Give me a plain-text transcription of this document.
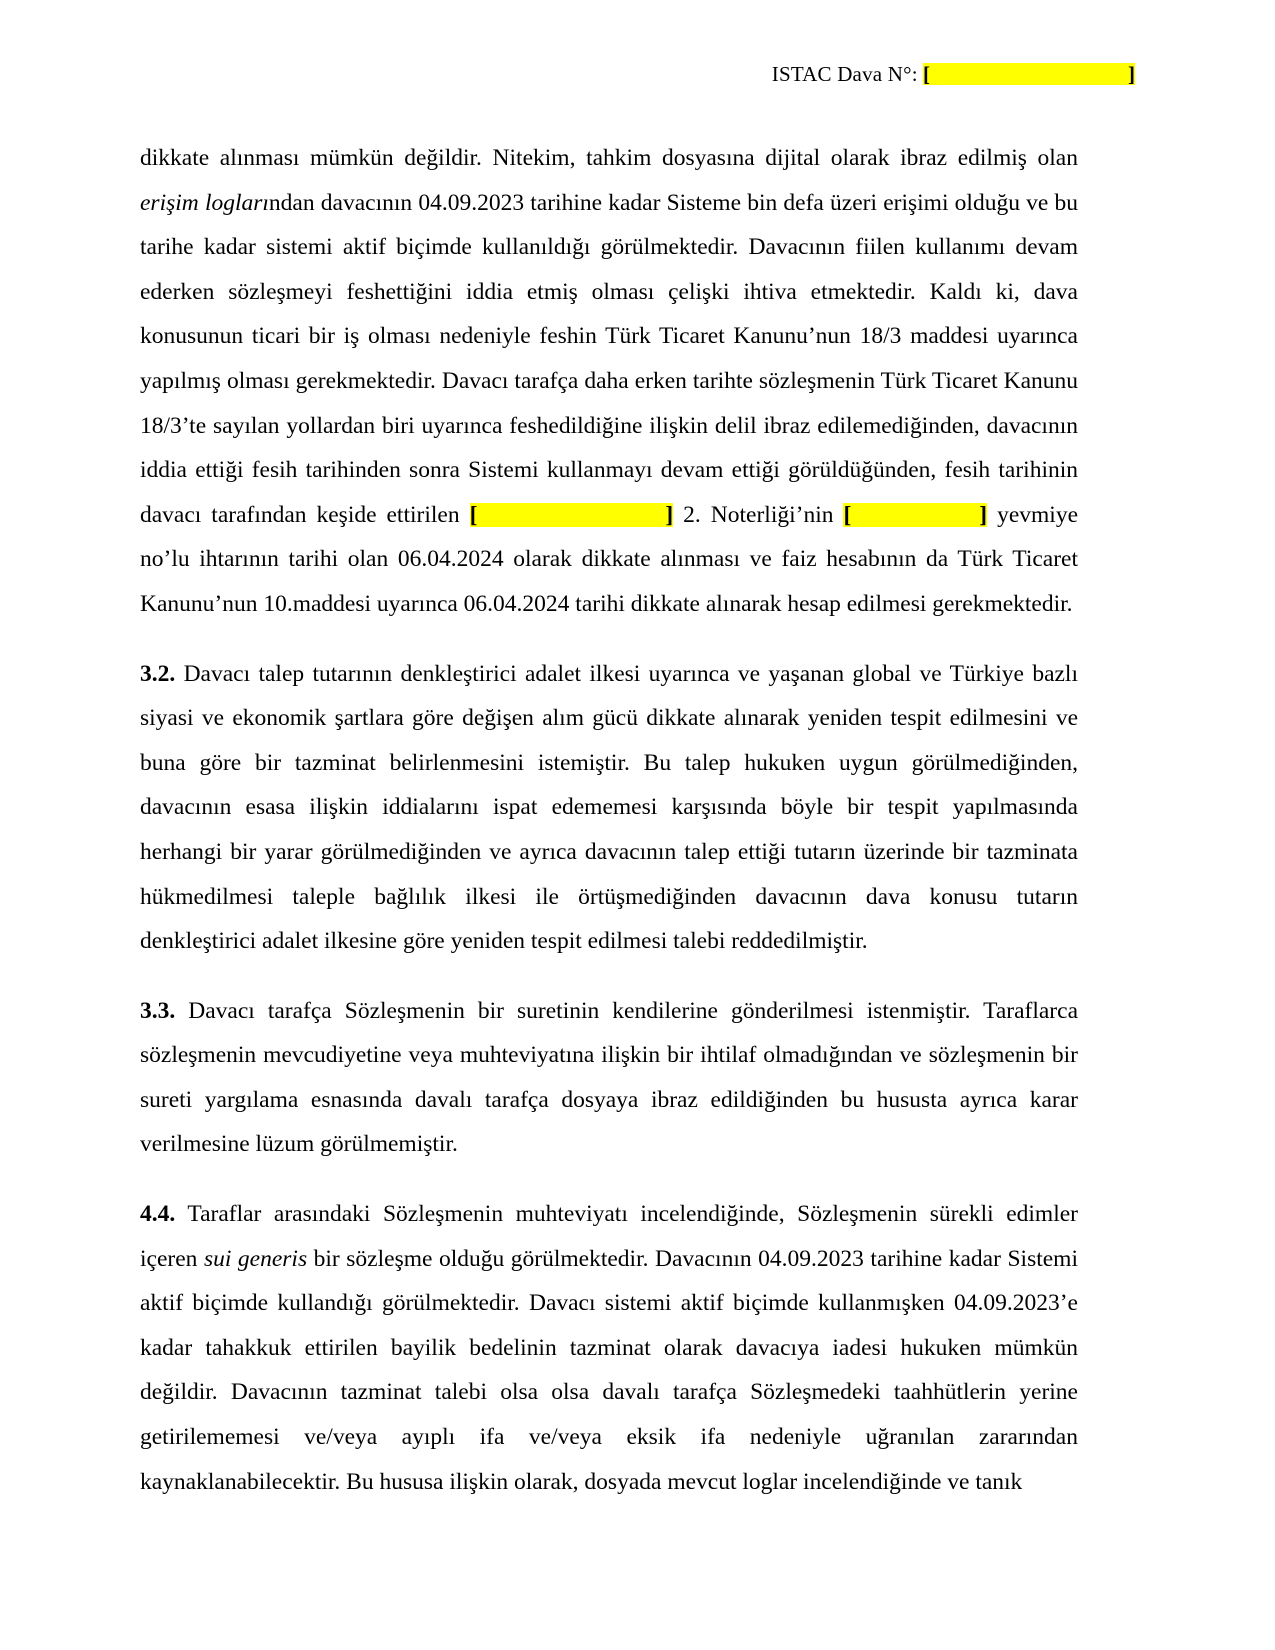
ISTAC Dava N°: [	]

dikkate alınması mümkün değildir. Nitekim, tahkim dosyasına dijital olarak ibraz edilmiş olan erişim loglarından davacının 04.09.2023 tarihine kadar Sisteme bin defa üzeri erişimi olduğu ve bu tarihe kadar sistemi aktif biçimde kullanıldığı görülmektedir. Davacının fiilen kullanımı devam ederken sözleşmeyi feshettiğini iddia etmiş olması çelişki ihtiva etmektedir. Kaldı ki, dava konusunun ticari bir iş olması nedeniyle feshin Türk Ticaret Kanunu’nun 18/3 maddesi uyarınca yapılmış olması gerekmektedir. Davacı tarafça daha erken tarihte sözleşmenin Türk Ticaret Kanunu 18/3’te sayılan yollardan biri uyarınca feshedildiğine ilişkin delil ibraz edilemediğinden, davacının iddia ettiği fesih tarihinden sonra Sistemi kullanmayı devam ettiği görüldüğünden, fesih tarihinin davacı tarafından keşide ettirilen [	] 2. Noterliği’nin [	] yevmiye no’lu ihtarının tarihi olan 06.04.2024 olarak dikkate alınması ve faiz hesabının da Türk Ticaret Kanunu’nun 10.maddesi uyarınca 06.04.2024 tarihi dikkate alınarak hesap edilmesi gerekmektedir.

3.2. Davacı talep tutarının denkleştirici adalet ilkesi uyarınca ve yaşanan global ve Türkiye bazlı siyasi ve ekonomik şartlara göre değişen alım gücü dikkate alınarak yeniden tespit edilmesini ve buna göre bir tazminat belirlenmesini istemiştir. Bu talep hukuken uygun görülmediğinden, davacının esasa ilişkin iddialarını ispat edememesi karşısında böyle bir tespit yapılmasında herhangi bir yarar görülmediğinden ve ayrıca davacının talep ettiği tutarın üzerinde bir tazminata hükmedilmesi taleple bağlılık ilkesi ile örtüşmediğinden davacının dava konusu tutarın denkleştirici adalet ilkesine göre yeniden tespit edilmesi talebi reddedilmiştir.

3.3. Davacı tarafça Sözleşmenin bir suretinin kendilerine gönderilmesi istenmiştir. Taraflarca sözleşmenin mevcudiyetine veya muhteviyatına ilişkin bir ihtilaf olmadığından ve sözleşmenin bir sureti yargılama esnasında davalı tarafça dosyaya ibraz edildiğinden bu hususta ayrıca karar verilmesine lüzum görülmemiştir.

4.4. Taraflar arasındaki Sözleşmenin muhteviyatı incelendiğinde, Sözleşmenin sürekli edimler içeren sui generis bir sözleşme olduğu görülmektedir. Davacının 04.09.2023 tarihine kadar Sistemi aktif biçimde kullandığı görülmektedir. Davacı sistemi aktif biçimde kullanmışken 04.09.2023’e kadar tahakkuk ettirilen bayilik bedelinin tazminat olarak davacıya iadesi hukuken mümkün değildir. Davacının tazminat talebi olsa olsa davalı tarafça Sözleşmedeki taahhütlerin yerine getirilememesi ve/veya ayıplı ifa ve/veya eksik ifa nedeniyle uğranılan zararından kaynaklanabilecektir. Bu hususa ilişkin olarak, dosyada mevcut loglar incelendiğinde ve tanık
